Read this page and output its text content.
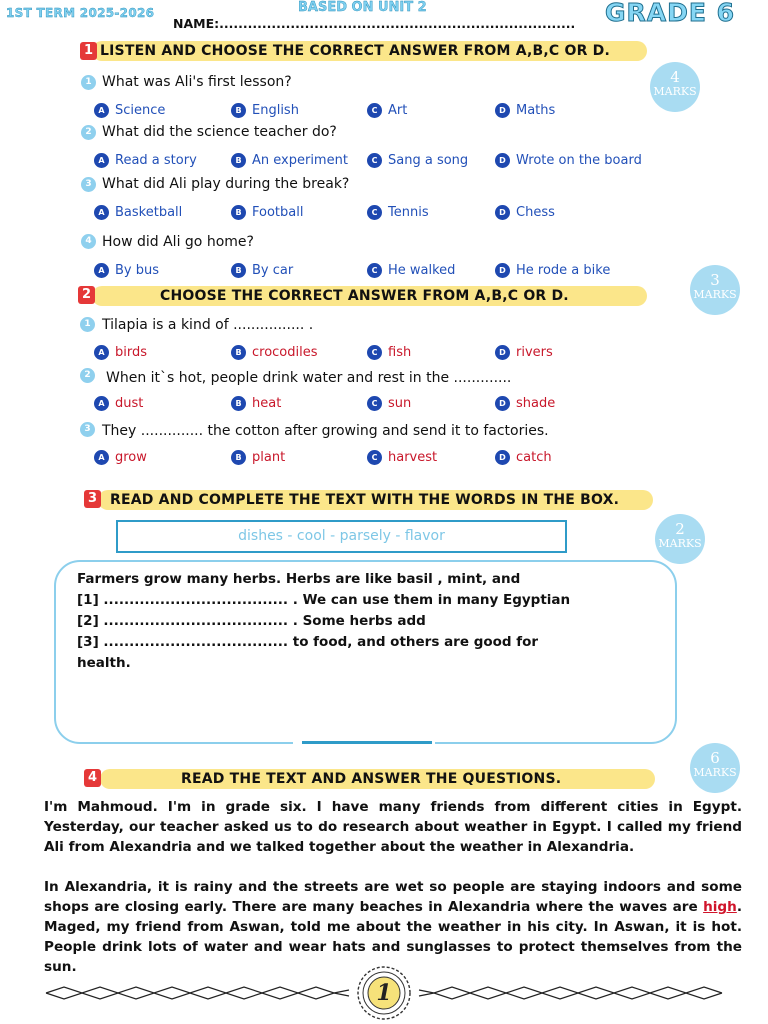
1ST TERM 2025-2026	BASED ON UNIT 2
NAME:........................................................................... GRADE 6
1 LISTEN AND CHOOSE THE CORRECT ANSWER FROM A,B,C OR D.
4
MARKS
1 What was Ali's first lesson?
A Science	B English	C Art	D Maths
2 What did the science teacher do?
A Read a story	B An experiment	C Sang a song	D Wrote on the board
3 What did Ali play during the break?
A Basketball	B Football	C Tennis	D Chess
4 How did Ali go home?
A By bus	B By car	C He walked	D He rode a bike
2	CHOOSE THE CORRECT ANSWER FROM A,B,C OR D.
3
MARKS
1 Tilapia is a kind of ................ .
A birds	B crocodiles	C fish	D rivers
2	When it`s hot, people drink water and rest in the .............
A dust	B heat	C sun	D shade
3 They .............. the cotton after growing and send it to factories.
A grow	B plant	C harvest	D catch
3 READ AND COMPLETE THE TEXT WITH THE WORDS IN THE BOX.
2
MARKS
dishes - cool - parsely - flavor
Farmers grow many herbs. Herbs are like basil , mint, and
[1] .................................... . We can use them in many Egyptian
[2] .................................... . Some herbs add
[3] .................................... to food, and others are good for
health.
4	READ THE TEXT AND ANSWER THE QUESTIONS.
6
MARKS
I'm Mahmoud. I'm in grade six. I have many friends from different cities in Egypt. Yesterday, our teacher asked us to do research about weather in Egypt. I called my friend Ali from Alexandria and we talked together about the weather in Alexandria.
In Alexandria, it is rainy and the streets are wet so people are staying indoors and some shops are closing early. There are many beaches in Alexandria where the waves are high. Maged, my friend from Aswan, told me about the weather in his city. In Aswan, it is hot. People drink lots of water and wear hats and sunglasses to protect themselves from the sun.
1
